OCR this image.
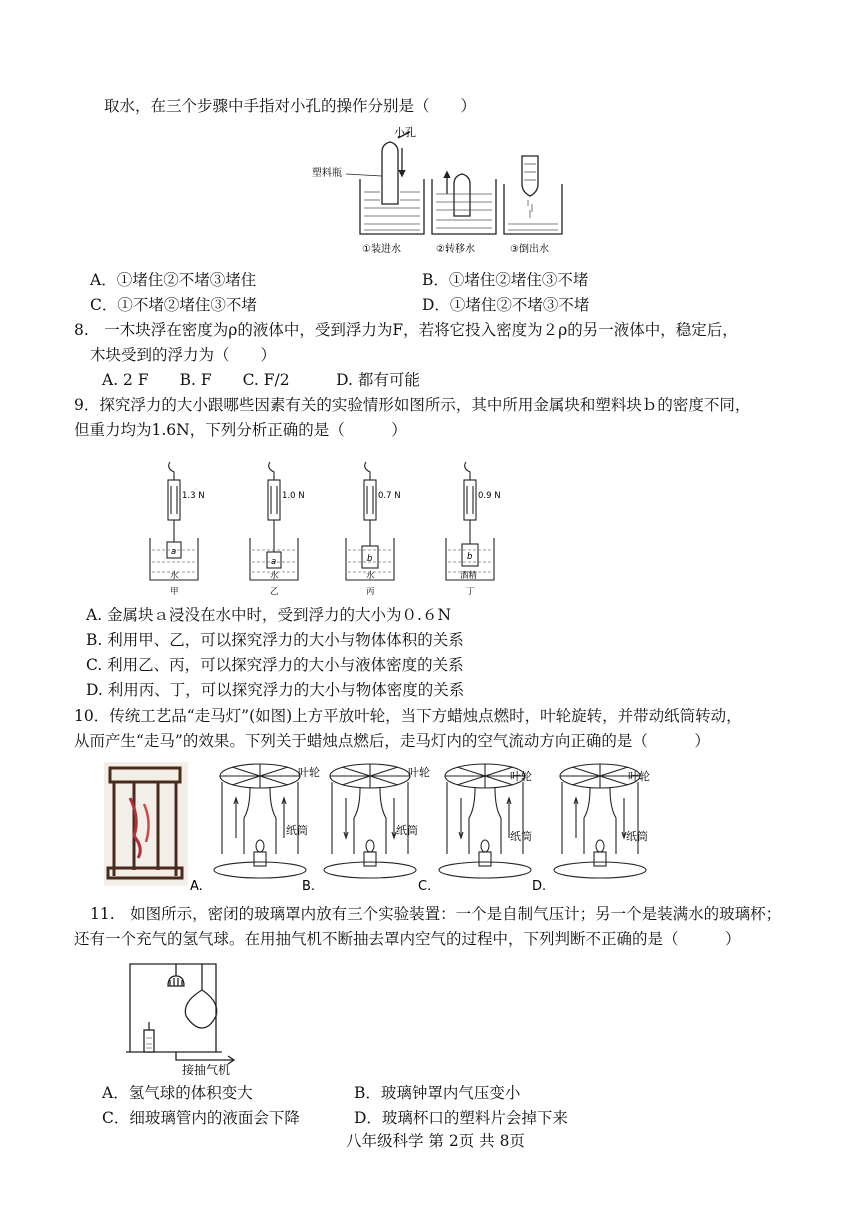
取水，在三个步骤中手指对小孔的操作分别是（　　）
小孔
塑料瓶
①装进水	②转移水	③倒出水
A．①堵住②不堵③堵住	B．①堵住②堵住③不堵
C．①不堵②堵住③不堵	D．①堵住②不堵③不堵
8.　一木块浮在密度为ρ的液体中，受到浮力为F，若将它投入密度为２ρ的另一液体中，稳定后，
木块受到的浮力为（　　）
A. 2 F　　B. F　　C. F/2　　　D. 都有可能
9．探究浮力的大小跟哪些因素有关的实验情形如图所示，其中所用金属块和塑料块ｂ的密度不同，
但重力均为1.6N，下列分析正确的是（　　　）
1.3 N	1.0 N	0.7 N	0.9 N
a
a	b	b
水	水	水	酒精
甲	乙	丙	丁
A. 金属块ａ浸没在水中时，受到浮力的大小为０.６N
B. 利用甲、乙，可以探究浮力的大小与物体体积的关系
C. 利用乙、丙，可以探究浮力的大小与液体密度的关系
D. 利用丙、丁，可以探究浮力的大小与物体密度的关系
10．传统工艺品“走马灯”(如图)上方平放叶轮，当下方蜡烛点燃时，叶轮旋转，并带动纸筒转动，
从而产生“走马”的效果。下列关于蜡烛点燃后，走马灯内的空气流动方向正确的是（　　　）
叶轮	叶轮	叶轮	叶轮
纸筒	纸筒	纸筒	纸筒
A.	B.	C.	D.
11.　如图所示，密闭的玻璃罩内放有三个实验装置：一个是自制气压计；另一个是装满水的玻璃杯；
还有一个充气的氢气球。在用抽气机不断抽去罩内空气的过程中，下列判断不正确的是（　　　）
接抽气机
A．氢气球的体积变大	B．玻璃钟罩内气压变小
C．细玻璃管内的液面会下降	D．玻璃杯口的塑料片会掉下来
八年级科学 第 2页 共 8页
